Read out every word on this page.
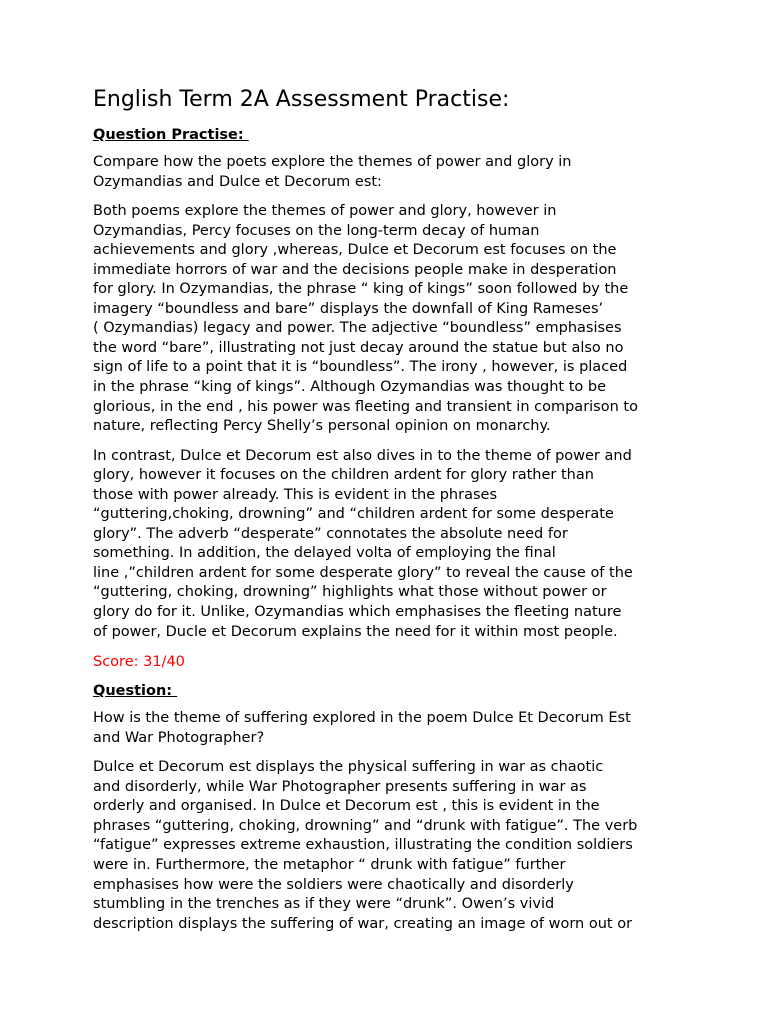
English Term 2A Assessment Practise:
Question Practise:
Compare how the poets explore the themes of power and glory in
Ozymandias and Dulce et Decorum est:
Both poems explore the themes of power and glory, however in
Ozymandias, Percy focuses on the long-term decay of human
achievements and glory ,whereas, Dulce et Decorum est focuses on the
immediate horrors of war and the decisions people make in desperation
for glory. In Ozymandias, the phrase “ king of kings” soon followed by the
imagery “boundless and bare” displays the downfall of King Rameses’
( Ozymandias) legacy and power. The adjective “boundless” emphasises
the word “bare”, illustrating not just decay around the statue but also no
sign of life to a point that it is “boundless”. The irony , however, is placed
in the phrase “king of kings”. Although Ozymandias was thought to be
glorious, in the end , his power was fleeting and transient in comparison to
nature, reflecting Percy Shelly’s personal opinion on monarchy.
In contrast, Dulce et Decorum est also dives in to the theme of power and
glory, however it focuses on the children ardent for glory rather than
those with power already. This is evident in the phrases
“guttering,choking, drowning” and “children ardent for some desperate
glory”. The adverb “desperate” connotates the absolute need for
something. In addition, the delayed volta of employing the final
line ,”children ardent for some desperate glory” to reveal the cause of the
“guttering, choking, drowning” highlights what those without power or
glory do for it. Unlike, Ozymandias which emphasises the fleeting nature
of power, Ducle et Decorum explains the need for it within most people.
Score: 31/40
Question:
How is the theme of suffering explored in the poem Dulce Et Decorum Est
and War Photographer?
Dulce et Decorum est displays the physical suffering in war as chaotic
and disorderly, while War Photographer presents suffering in war as
orderly and organised. In Dulce et Decorum est , this is evident in the
phrases “guttering, choking, drowning” and “drunk with fatigue”. The verb
“fatigue” expresses extreme exhaustion, illustrating the condition soldiers
were in. Furthermore, the metaphor “ drunk with fatigue” further
emphasises how were the soldiers were chaotically and disorderly
stumbling in the trenches as if they were “drunk”. Owen’s vivid
description displays the suffering of war, creating an image of worn out or
